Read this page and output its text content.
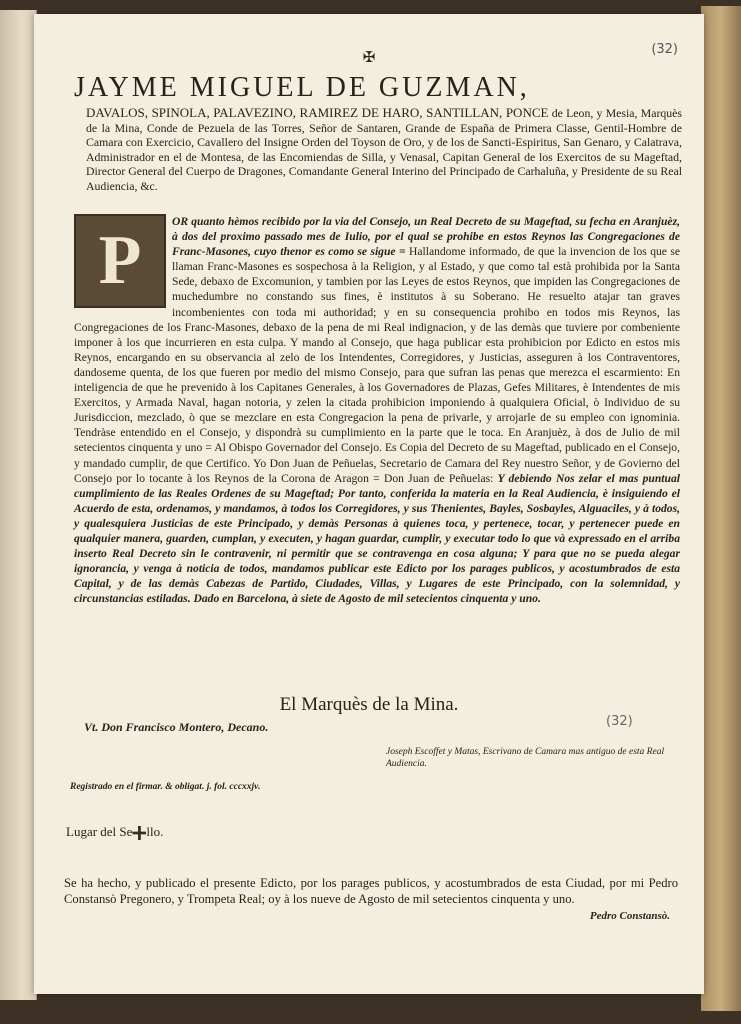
✠
(32)
JAYME MIGUEL DE GUZMAN,
DAVALOS, SPINOLA, PALAVEZINO, RAMIREZ DE HARO, SANTILLAN, PONCE de Leon, y Mesia, Marquès de la Mina, Conde de Pezuela de las Torres, Señor de Santaren, Grande de España de Primera Classe, Gentil-Hombre de Camara con Exercicio, Cavallero del Insigne Orden del Toyson de Oro, y de los de Sancti-Espiritus, San Genaro, y Calatrava, Administrador en el de Montesa, de las Encomiendas de Silla, y Venasal, Capitan General de los Exercitos de su Mageftad, Director General del Cuerpo de Dragones, Comandante General Interino del Principado de Carhaluña, y Presidente de su Real Audiencia, &c.
P
OR quanto hèmos recibido por la via del Consejo, un Real Decreto de su Mageftad, su fecha en Aranjuèz, à dos del proximo passado mes de Iulio, por el qual se prohibe en estos Reynos las Congregaciones de Franc-Masones, cuyo thenor es como se sigue = Hallandome informado, de que la invencion de los que se llaman Franc-Masones es sospechosa à la Religion, y al Estado, y que como tal està prohibida por la Santa Sede, debaxo de Excomunion, y tambien por las Leyes de estos Reynos, que impiden las Congregaciones de muchedumbre no constando sus fines, è institutos à su Soberano. He resuelto atajar tan graves incombenientes con toda mi authoridad; y en su consequencia prohibo en todos mis Reynos, las Congregaciones de los Franc-Masones, debaxo de la pena de mi Real indignacion, y de las demàs que tuviere por combeniente imponer à los que incurrieren en esta culpa. Y mando al Consejo, que haga publicar esta prohibicion por Edicto en estos mis Reynos, encargando en su observancia al zelo de los Intendentes, Corregidores, y Justicias, asseguren à los Contraventores, dandoseme quenta, de los que fueren por medio del mismo Consejo, para que sufran las penas que merezca el escarmiento: En inteligencia de que he prevenido à los Capitanes Generales, à los Governadores de Plazas, Gefes Militares, è Intendentes de mis Exercitos, y Armada Naval, hagan notoria, y zelen la citada prohibicion imponiendo à qualquiera Oficial, ò Individuo de su Jurisdiccion, mezclado, ò que se mezclare en esta Congregacion la pena de privarle, y arrojarle de su empleo con ignominia. Tendràse entendido en el Consejo, y dispondrà su cumplimiento en la parte que le toca. En Aranjuèz, à dos de Julio de mil setecientos cinquenta y uno = Al Obispo Governador del Consejo. Es Copia del Decreto de su Mageftad, publicado en el Consejo, y mandado cumplir, de que Certifico. Yo Don Juan de Peñuelas, Secretario de Camara del Rey nuestro Señor, y de Govierno del Consejo por lo tocante à los Reynos de la Corona de Aragon = Don Juan de Peñuelas: Y debiendo Nos zelar el mas puntual cumplimiento de las Reales Ordenes de su Mageftad; Por tanto, conferida la materia en la Real Audiencia, è insiguiendo el Acuerdo de esta, ordenamos, y mandamos, à todos los Corregidores, y sus Thenientes, Bayles, Sosbayles, Alguaciles, y à todos, y qualesquiera Justicias de este Principado, y demàs Personas à quienes toca, y pertenece, tocar, y pertenecer puede en qualquier manera, guarden, cumplan, y executen, y hagan guardar, cumplir, y executar todo lo que và expressado en el arriba inserto Real Decreto sin le contravenir, ni permitir que se contravenga en cosa alguna; Y para que no se pueda alegar ignorancia, y venga à noticia de todos, mandamos publicar este Edicto por los parages publicos, y acostumbrados de esta Capital, y de las demàs Cabezas de Partido, Ciudades, Villas, y Lugares de este Principado, con la solemnidad, y circunstancias estiladas. Dado en Barcelona, à siete de Agosto de mil setecientos cinquenta y uno.
El Marquès de la Mina.
Vt. Don Francisco Montero, Decano.	(32)
Joseph Escoffet y Matas, Escrivano de Camara mas antiguo de esta Real Audiencia.
Registrado en el firmar. & obligat. j. fol. cccxxjv.
Lugar del Se llo.
Se ha hecho, y publicado el presente Edicto, por los parages publicos, y acostumbrados de esta Ciudad, por mi Pedro Constansò Pregonero, y Trompeta Real; oy à los nueve de Agosto de mil setecientos cinquenta y uno.
Pedro Constansò.
